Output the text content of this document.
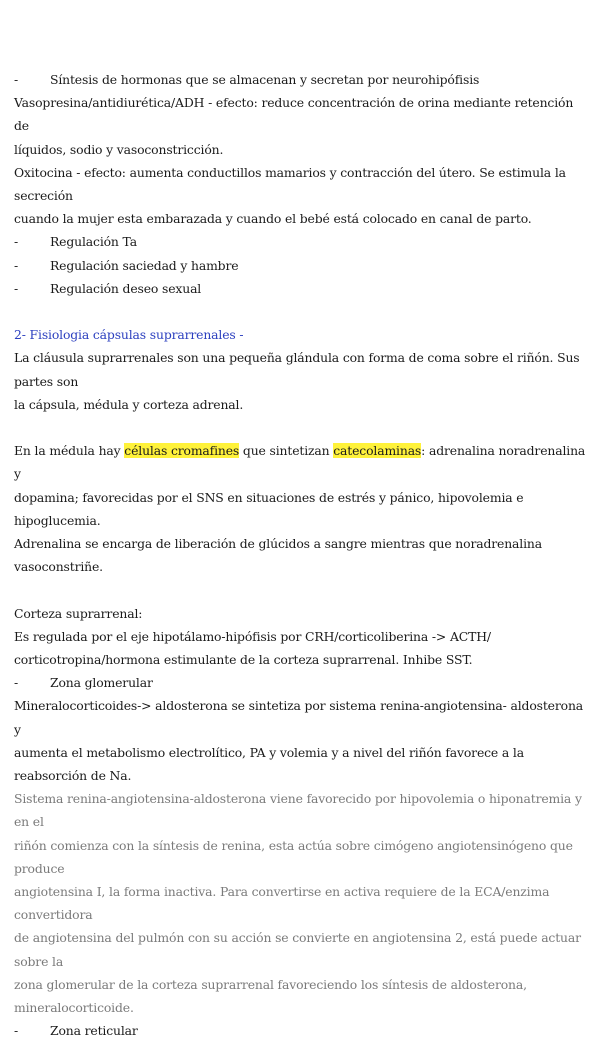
-	Síntesis de hormonas que se almacenan y secretan por neurohipófisis

Vasopresina/antidiurética/ADH - efecto: reduce concentración de orina mediante retención de

líquidos, sodio y vasoconstricción.

Oxitocina - efecto: aumenta conductillos mamarios y contracción del útero. Se estimula la secreción

cuando la mujer esta embarazada y cuando el bebé está colocado en canal de parto.

-	Regulación Ta
-	Regulación saciedad y hambre
-	Regulación deseo sexual

2- Fisiologia cápsulas suprarrenales -

La cláusula suprarrenales son una pequeña glándula con forma de coma sobre el riñón. Sus partes son

la cápsula, médula y corteza adrenal.

En la médula hay células cromafines que sintetizan catecolaminas: adrenalina noradrenalina y

dopamina; favorecidas por el SNS en situaciones de estrés y pánico, hipovolemia e hipoglucemia.

Adrenalina se encarga de liberación de glúcidos a sangre mientras que noradrenalina vasoconstriñe.

Corteza suprarrenal:

Es regulada por el eje hipotálamo-hipófisis por CRH/corticoliberina -> ACTH/

corticotropina/hormona estimulante de la corteza suprarrenal. Inhibe SST.

-	Zona glomerular

Mineralocorticoides-> aldosterona se sintetiza por sistema renina-angiotensina- aldosterona y

aumenta el metabolismo electrolítico, PA y volemia y a nivel del riñón favorece a la reabsorción de Na.

Sistema renina-angiotensina-aldosterona viene favorecido por hipovolemia o hiponatremia y en el

riñón comienza con la síntesis de renina, esta actúa sobre cimógeno angiotensinógeno que produce

angiotensina I, la forma inactiva. Para convertirse en activa requiere de la ECA/enzima convertidora

de angiotensina del pulmón con su acción se convierte en angiotensina 2, está puede actuar sobre la

zona glomerular de la corteza suprarrenal favoreciendo los síntesis de aldosterona,

mineralocorticoide.

-	Zona reticular
